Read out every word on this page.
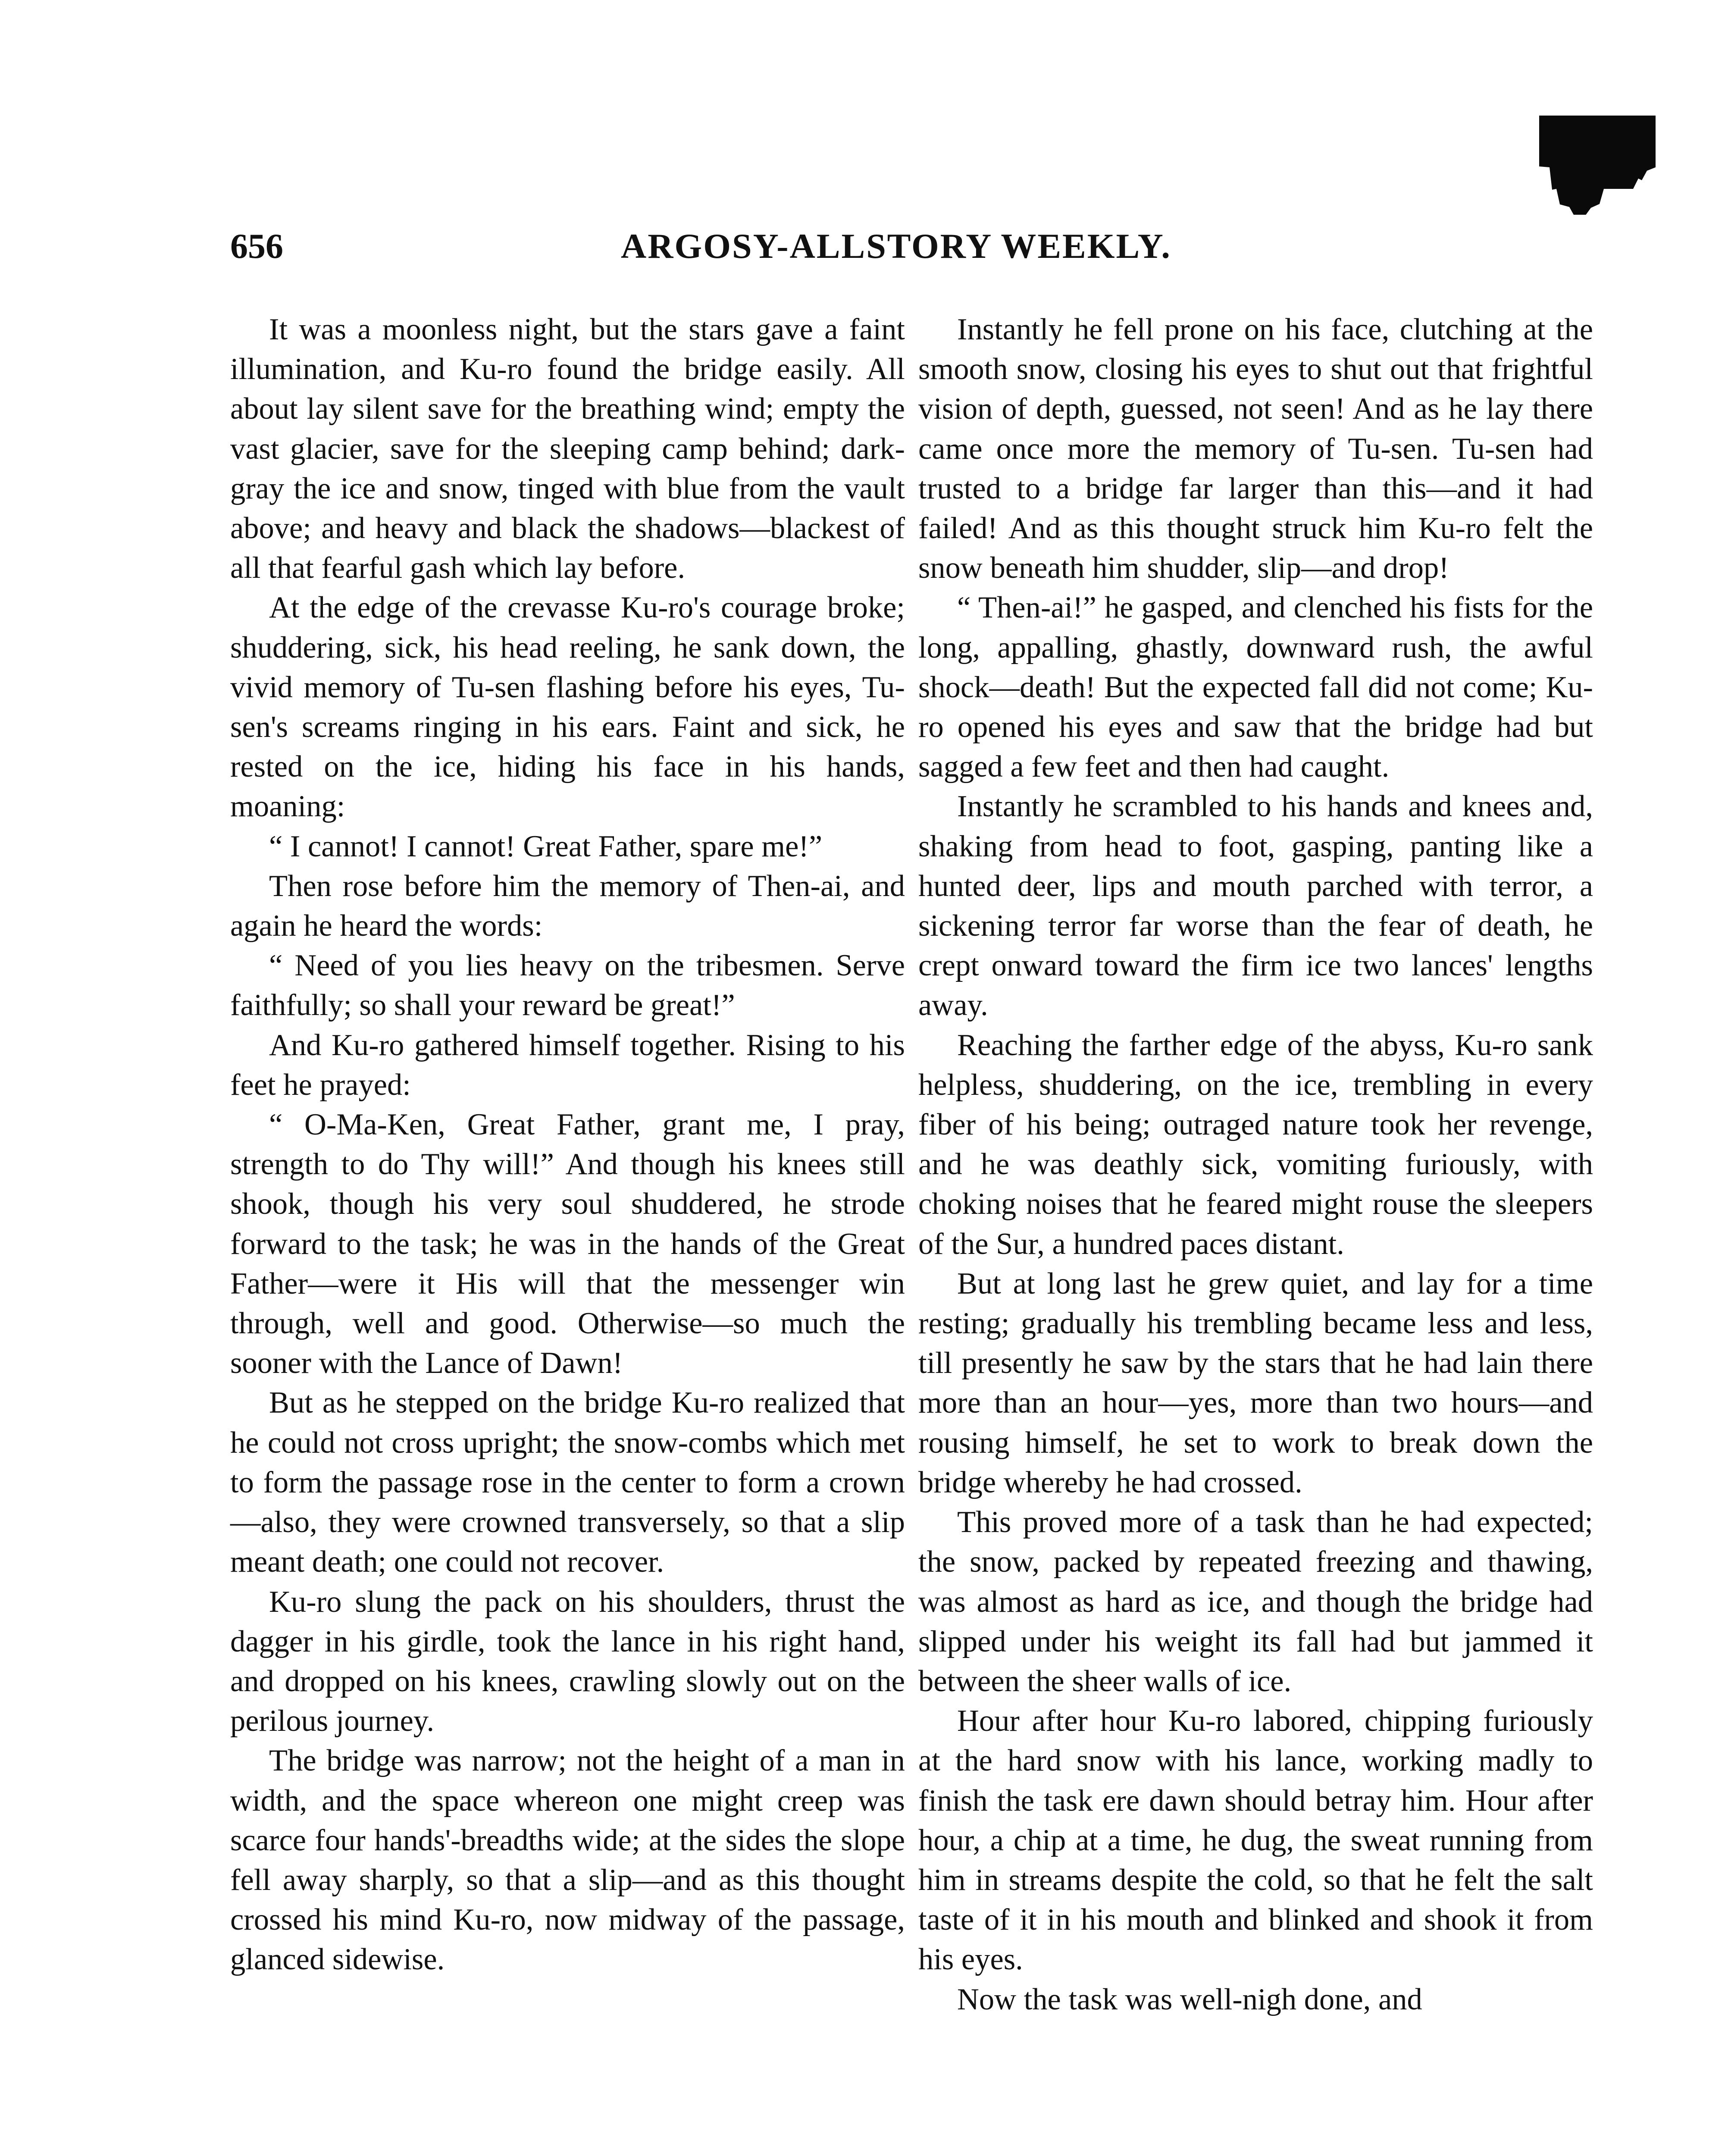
656	ARGOSY-ALLSTORY WEEKLY.

It was a moonless night, but the stars gave a faint illumination, and Ku-ro found the bridge easily. All about lay silent save for the breathing wind; empty the vast glacier, save for the sleeping camp behind; dark-gray the ice and snow, tinged with blue from the vault above; and heavy and black the shadows—blackest of all that fearful gash which lay before.

At the edge of the crevasse Ku-ro's courage broke; shuddering, sick, his head reeling, he sank down, the vivid memory of Tu-sen flashing before his eyes, Tu-sen's screams ringing in his ears. Faint and sick, he rested on the ice, hiding his face in his hands, moaning:

“ I cannot! I cannot! Great Father, spare me!”

Then rose before him the memory of Then-ai, and again he heard the words:

“ Need of you lies heavy on the tribesmen. Serve faithfully; so shall your reward be great!”

And Ku-ro gathered himself together. Rising to his feet he prayed:

“ O-Ma-Ken, Great Father, grant me, I pray, strength to do Thy will!” And though his knees still shook, though his very soul shuddered, he strode forward to the task; he was in the hands of the Great Father—were it His will that the messenger win through, well and good. Otherwise—so much the sooner with the Lance of Dawn!

But as he stepped on the bridge Ku-ro realized that he could not cross upright; the snow-combs which met to form the passage rose in the center to form a crown—also, they were crowned transversely, so that a slip meant death; one could not recover.

Ku-ro slung the pack on his shoulders, thrust the dagger in his girdle, took the lance in his right hand, and dropped on his knees, crawling slowly out on the perilous journey.

The bridge was narrow; not the height of a man in width, and the space whereon one might creep was scarce four hands'-breadths wide; at the sides the slope fell away sharply, so that a slip—and as this thought crossed his mind Ku-ro, now midway of the passage, glanced sidewise.

Instantly he fell prone on his face, clutching at the smooth snow, closing his eyes to shut out that frightful vision of depth, guessed, not seen! And as he lay there came once more the memory of Tu-sen. Tu-sen had trusted to a bridge far larger than this—and it had failed! And as this thought struck him Ku-ro felt the snow beneath him shudder, slip—and drop!

“ Then-ai!” he gasped, and clenched his fists for the long, appalling, ghastly, downward rush, the awful shock—death! But the expected fall did not come; Ku-ro opened his eyes and saw that the bridge had but sagged a few feet and then had caught.

Instantly he scrambled to his hands and knees and, shaking from head to foot, gasping, panting like a hunted deer, lips and mouth parched with terror, a sickening terror far worse than the fear of death, he crept onward toward the firm ice two lances' lengths away.

Reaching the farther edge of the abyss, Ku-ro sank helpless, shuddering, on the ice, trembling in every fiber of his being; outraged nature took her revenge, and he was deathly sick, vomiting furiously, with choking noises that he feared might rouse the sleepers of the Sur, a hundred paces distant.

But at long last he grew quiet, and lay for a time resting; gradually his trembling became less and less, till presently he saw by the stars that he had lain there more than an hour—yes, more than two hours—and rousing himself, he set to work to break down the bridge whereby he had crossed.

This proved more of a task than he had expected; the snow, packed by repeated freezing and thawing, was almost as hard as ice, and though the bridge had slipped under his weight its fall had but jammed it between the sheer walls of ice.

Hour after hour Ku-ro labored, chipping furiously at the hard snow with his lance, working madly to finish the task ere dawn should betray him. Hour after hour, a chip at a time, he dug, the sweat running from him in streams despite the cold, so that he felt the salt taste of it in his mouth and blinked and shook it from his eyes.

Now the task was well-nigh done, and
